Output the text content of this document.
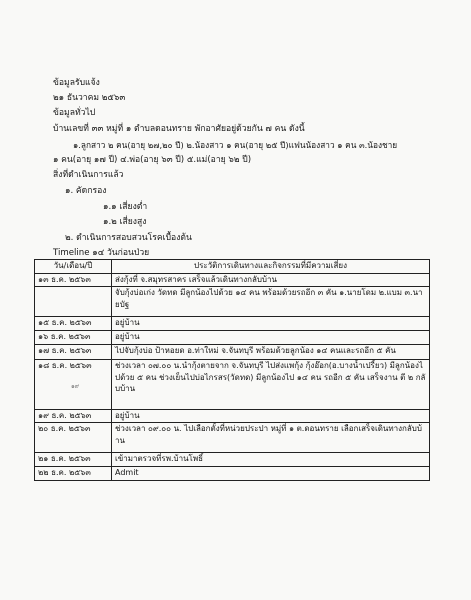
ข้อมูลรับแจ้ง
๒๑ ธันวาคม ๒๕๖๓
ข้อมูลทั่วไป
บ้านเลขที่ ๓๓ หมู่ที่ ๑ ตำบลดอนทราย พักอาศัยอยู่ด้วยกัน ๗ คน ดังนี้
๑.ลูกสาว ๒ คน(อายุ ๒๗,๒๐ ปี) ๒.น้องสาว ๑ คน(อายุ ๒๕ ปี)แฟนน้องสาว ๑ คน ๓.น้องชาย
๑ คน(อายุ ๑๗ ปี) ๔.พ่อ(อายุ ๖๓ ปี) ๕.แม่(อายุ ๖๒ ปี)
สิ่งที่ดำเนินการแล้ว
๑. คัดกรอง
๑.๑ เสี่ยงต่ำ
๑.๒ เสี่ยงสูง
๒. ดำเนินการสอบสวนโรคเบื้องต้น
Timeline ๑๔ วันก่อนป่วย
วัน/เดือน/ปี	ประวัติการเดินทางและกิจกรรมที่มีความเสี่ยง
๑๓ ธ.ค. ๒๕๖๓	ส่งกุ้งที่ จ.สมุทรสาคร เสร็จแล้วเดินทางกลับบ้าน
	จับกุ้งบ่อเก่ง วัดทด มีลูกน้องไปด้วย ๑๔ คน พร้อมด้วยรถอีก ๓ คัน ๑.นายโดม ๒.แบม ๓.นายบัฐ
๑๕ ธ.ค. ๒๕๖๓	อยู่บ้าน
๑๖ ธ.ค. ๒๕๖๓	อยู่บ้าน
๑๗ ธ.ค. ๒๕๖๓	ไปจับกุ้งบ่อ ป้าหอยด อ.ท่าใหม่ จ.จันทบุรี พร้อมด้วยลูกน้อง ๑๔ คนและรถอีก ๕ คัน
๑๘ ธ.ค. ๒๕๖๓	ช่วงเวลา ๐๗.๐๐ น.นำกุ้งตายจาก จ.จันทบุรี ไปส่งแพกุ้ง กุ้งอ๊อก(อ.บางน้ำเปรี้ยว) มีลูกน้องไปด้วย ๕ คน ช่วงเย็นไปบ่อไกรสร(วัดทด) มีลูกน้องไป ๑๔ คน รถอีก ๕ คัน เสร็จงาน ตี ๒ กลับบ้าน
๑๙ ธ.ค. ๒๕๖๓	อยู่บ้าน
๒๐ ธ.ค. ๒๕๖๓	ช่วงเวลา ๐๙.๐๐ น. ไปเลือกตั้งที่หน่วยประปา หมู่ที่ ๑ ต.ดอนทราย เลือกเสร็จเดินทางกลับบ้าน
๒๑ ธ.ค. ๒๕๖๓	เข้ามาตรวจที่รพ.บ้านโพธิ์
๒๒ ธ.ค. ๒๕๖๓	Admit
๑๙
